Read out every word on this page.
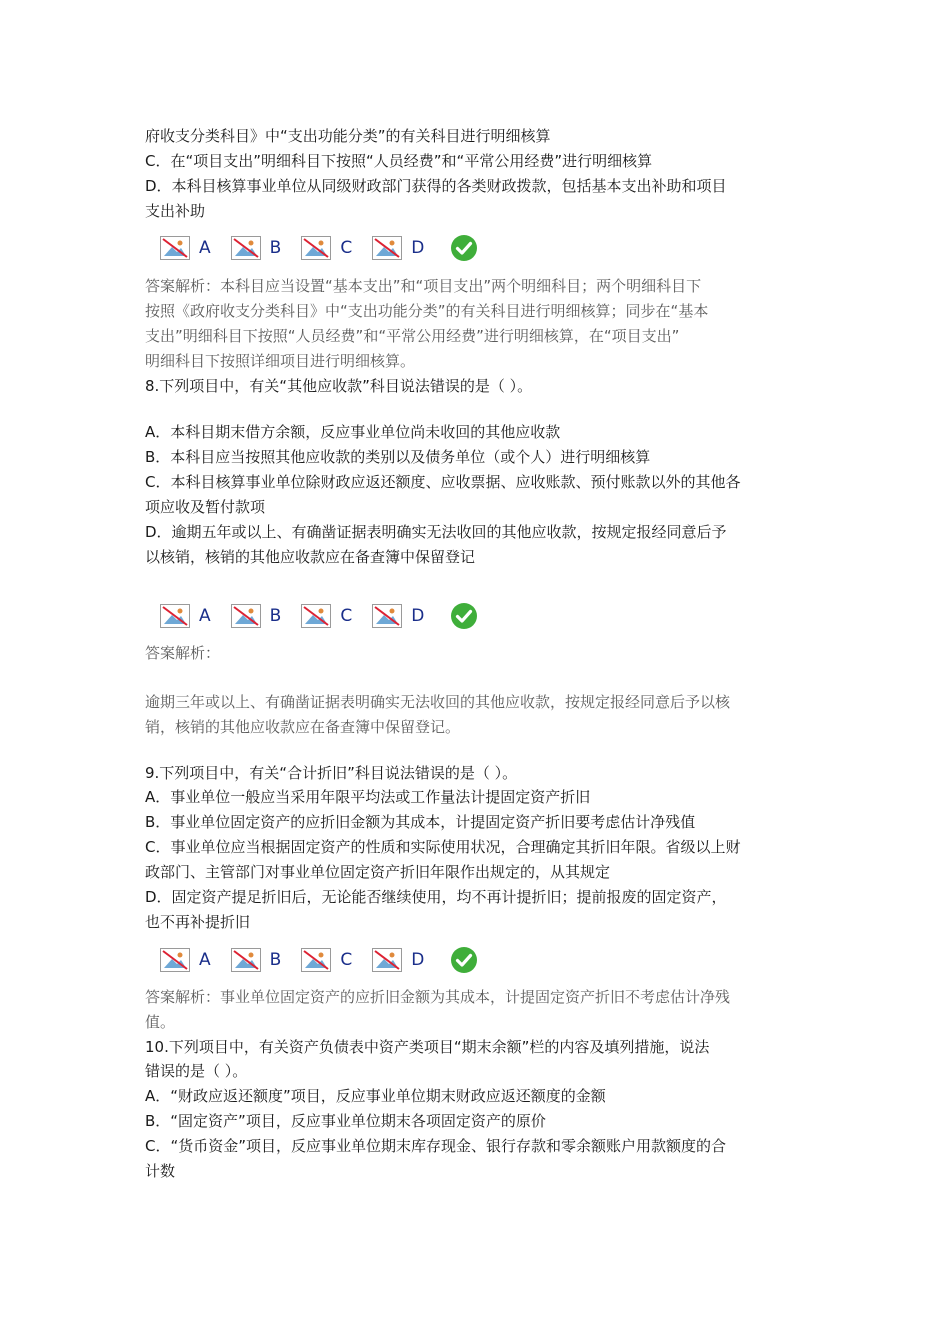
府收支分类科目》中“支出功能分类”的有关科目进行明细核算
C．在“项目支出”明细科目下按照“人员经费”和“平常公用经费”进行明细核算
D．本科目核算事业单位从同级财政部门获得的各类财政拨款，包括基本支出补助和项目
支出补助
A	B	C	D
答案解析：本科目应当设置“基本支出”和“项目支出”两个明细科目；两个明细科目下
按照《政府收支分类科目》中“支出功能分类”的有关科目进行明细核算；同步在“基本
支出”明细科目下按照“人员经费”和“平常公用经费”进行明细核算，在“项目支出”
明细科目下按照详细项目进行明细核算。
8.下列项目中，有关“其他应收款”科目说法错误的是（ ）。
A．本科目期末借方余额，反应事业单位尚未收回的其他应收款
B．本科目应当按照其他应收款的类别以及债务单位（或个人）进行明细核算
C．本科目核算事业单位除财政应返还额度、应收票据、应收账款、预付账款以外的其他各
项应收及暂付款项
D．逾期五年或以上、有确凿证据表明确实无法收回的其他应收款，按规定报经同意后予
以核销，核销的其他应收款应在备查簿中保留登记
A	B	C	D
答案解析：
逾期三年或以上、有确凿证据表明确实无法收回的其他应收款，按规定报经同意后予以核
销，核销的其他应收款应在备查簿中保留登记。
9.下列项目中，有关“合计折旧”科目说法错误的是（ ）。
A．事业单位一般应当采用年限平均法或工作量法计提固定资产折旧
B．事业单位固定资产的应折旧金额为其成本，计提固定资产折旧要考虑估计净残值
C．事业单位应当根据固定资产的性质和实际使用状况，合理确定其折旧年限。省级以上财
政部门、主管部门对事业单位固定资产折旧年限作出规定的，从其规定
D．固定资产提足折旧后，无论能否继续使用，均不再计提折旧；提前报废的固定资产，
也不再补提折旧
A	B	C	D
答案解析：事业单位固定资产的应折旧金额为其成本，计提固定资产折旧不考虑估计净残
值。
10.下列项目中，有关资产负债表中资产类项目“期末余额”栏的内容及填列措施，说法
错误的是（ ）。
A．“财政应返还额度”项目，反应事业单位期末财政应返还额度的金额
B．“固定资产”项目，反应事业单位期末各项固定资产的原价
C．“货币资金”项目，反应事业单位期末库存现金、银行存款和零余额账户用款额度的合
计数
